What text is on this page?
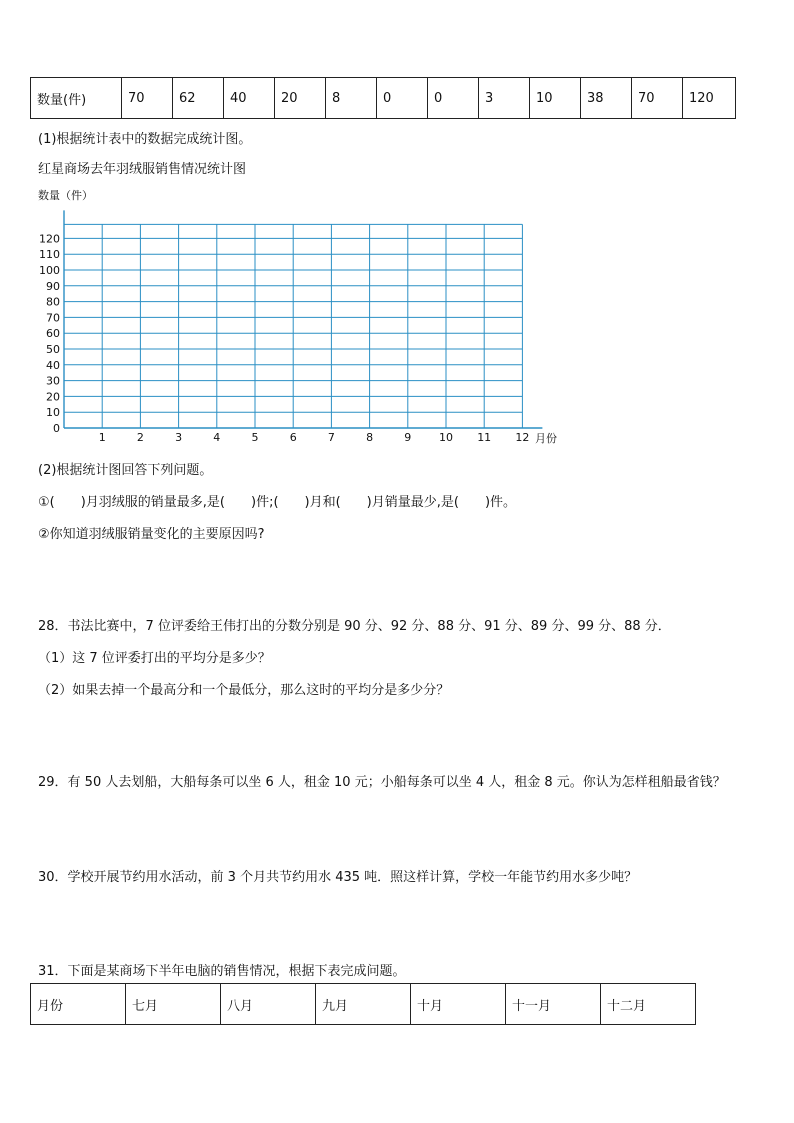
数量(件)	70	62	40	20	8	0	0	3	10	38	70	120
(1)根据统计表中的数据完成统计图。
红星商场去年羽绒服销售情况统计图
数量（件）
0
10
20
30
40
50
60
70
80
90
100
110
120
1	2	3	4	5	6	7	8	9	10 11 12 月份
(2)根据统计图回答下列问题。
①(　　)月羽绒服的销量最多,是(　　)件;(　　)月和(　　)月销量最少,是(　　)件。
②你知道羽绒服销量变化的主要原因吗?
28．书法比赛中，7 位评委给王伟打出的分数分别是 90 分、92 分、88 分、91 分、89 分、99 分、88 分．
（1）这 7 位评委打出的平均分是多少？
（2）如果去掉一个最高分和一个最低分，那么这时的平均分是多少分？
29．有 50 人去划船，大船每条可以坐 6 人，租金 10 元；小船每条可以坐 4 人，租金 8 元。你认为怎样租船最省钱？
30．学校开展节约用水活动，前 3 个月共节约用水 435 吨．照这样计算，学校一年能节约用水多少吨？
31．下面是某商场下半年电脑的销售情况，根据下表完成问题。
月份	七月	八月	九月	十月	十一月	十二月
